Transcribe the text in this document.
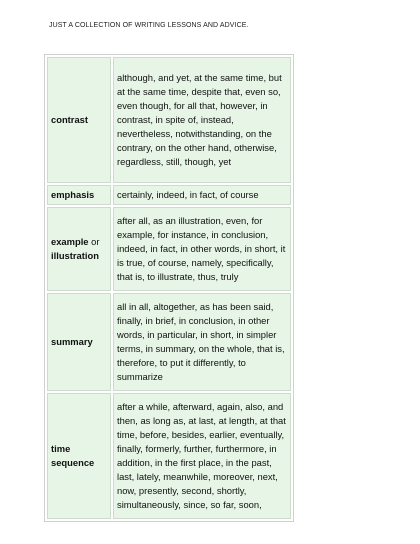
JUST A COLLECTION OF WRITING LESSONS AND ADVICE.
contrast	although, and yet, at the same time, but at the same time, despite that, even so, even though, for all that, however, in contrast, in spite of, instead, nevertheless, notwithstanding, on the contrary, on the other hand, otherwise, regardless, still, though, yet
emphasis	certainly, indeed, in fact, of course
example or
illustration	after all, as an illustration, even, for example, for instance, in conclusion, indeed, in fact, in other words, in short, it is true, of course, namely, specifically, that is, to illustrate, thus, truly
summary	all in all, altogether, as has been said, finally, in brief, in conclusion, in other words, in particular, in short, in simpler terms, in summary, on the whole, that is, therefore, to put it differently, to summarize
time
sequence	after a while, afterward, again, also, and then, as long as, at last, at length, at that time, before, besides, earlier, eventually, finally, formerly, further, furthermore, in addition, in the first place, in the past, last, lately, meanwhile, moreover, next, now, presently, second, shortly, simultaneously, since, so far, soon,
